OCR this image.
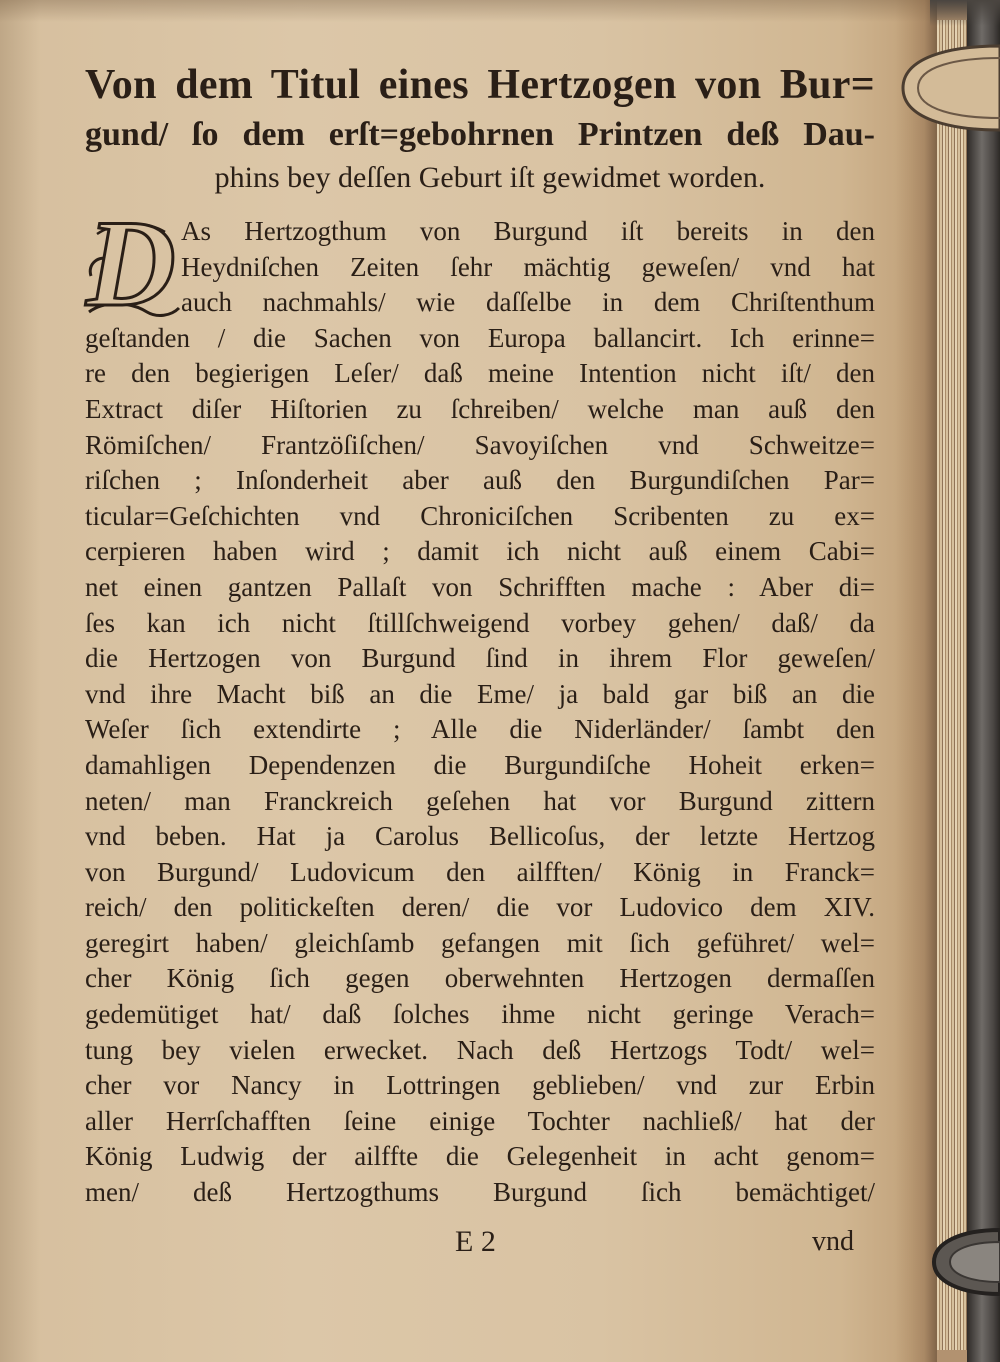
Von dem Titul eines Hertzogen von Bur=
gund/ ſo dem erſt=gebohrnen Printzen deß Dau-
phins bey deſſen Geburt iſt gewidmet worden.
D As Hertzogthum von Burgund iſt bereits in den
Heydniſchen Zeiten ſehr mächtig geweſen/ vnd hat
auch nachmahls/ wie daſſelbe in dem Chriſtenthum
geſtanden / die Sachen von Europa ballancirt. Ich erinne=
re den begierigen Leſer/ daß meine Intention nicht iſt/ den
Extract diſer Hiſtorien zu ſchreiben/ welche man auß den
Römiſchen/ Frantzöſiſchen/ Savoyiſchen vnd Schweitze=
riſchen ; Inſonderheit aber auß den Burgundiſchen Par=
ticular=Geſchichten vnd Chroniciſchen Scribenten zu ex=
cerpieren haben wird ; damit ich nicht auß einem Cabi=
net einen gantzen Pallaſt von Schrifften mache : Aber di=
ſes kan ich nicht ſtillſchweigend vorbey gehen/ daß/ da
die Hertzogen von Burgund ſind in ihrem Flor geweſen/
vnd ihre Macht biß an die Eme/ ja bald gar biß an die
Weſer ſich extendirte ; Alle die Niderländer/ ſambt den
damahligen Dependenzen die Burgundiſche Hoheit erken=
neten/ man Franckreich geſehen hat vor Burgund zittern
vnd beben. Hat ja Carolus Bellicoſus, der letzte Hertzog
von Burgund/ Ludovicum den ailfften/ König in Franck=
reich/ den politickeſten deren/ die vor Ludovico dem XIV.
geregirt haben/ gleichſamb gefangen mit ſich geführet/ wel=
cher König ſich gegen oberwehnten Hertzogen dermaſſen
gedemütiget hat/ daß ſolches ihme nicht geringe Verach=
tung bey vielen erwecket. Nach deß Hertzogs Todt/ wel=
cher vor Nancy in Lottringen geblieben/ vnd zur Erbin
aller Herrſchafften ſeine einige Tochter nachließ/ hat der
König Ludwig der ailffte die Gelegenheit in acht genom=
men/ deß Hertzogthums Burgund ſich bemächtiget/
E 2	vnd
